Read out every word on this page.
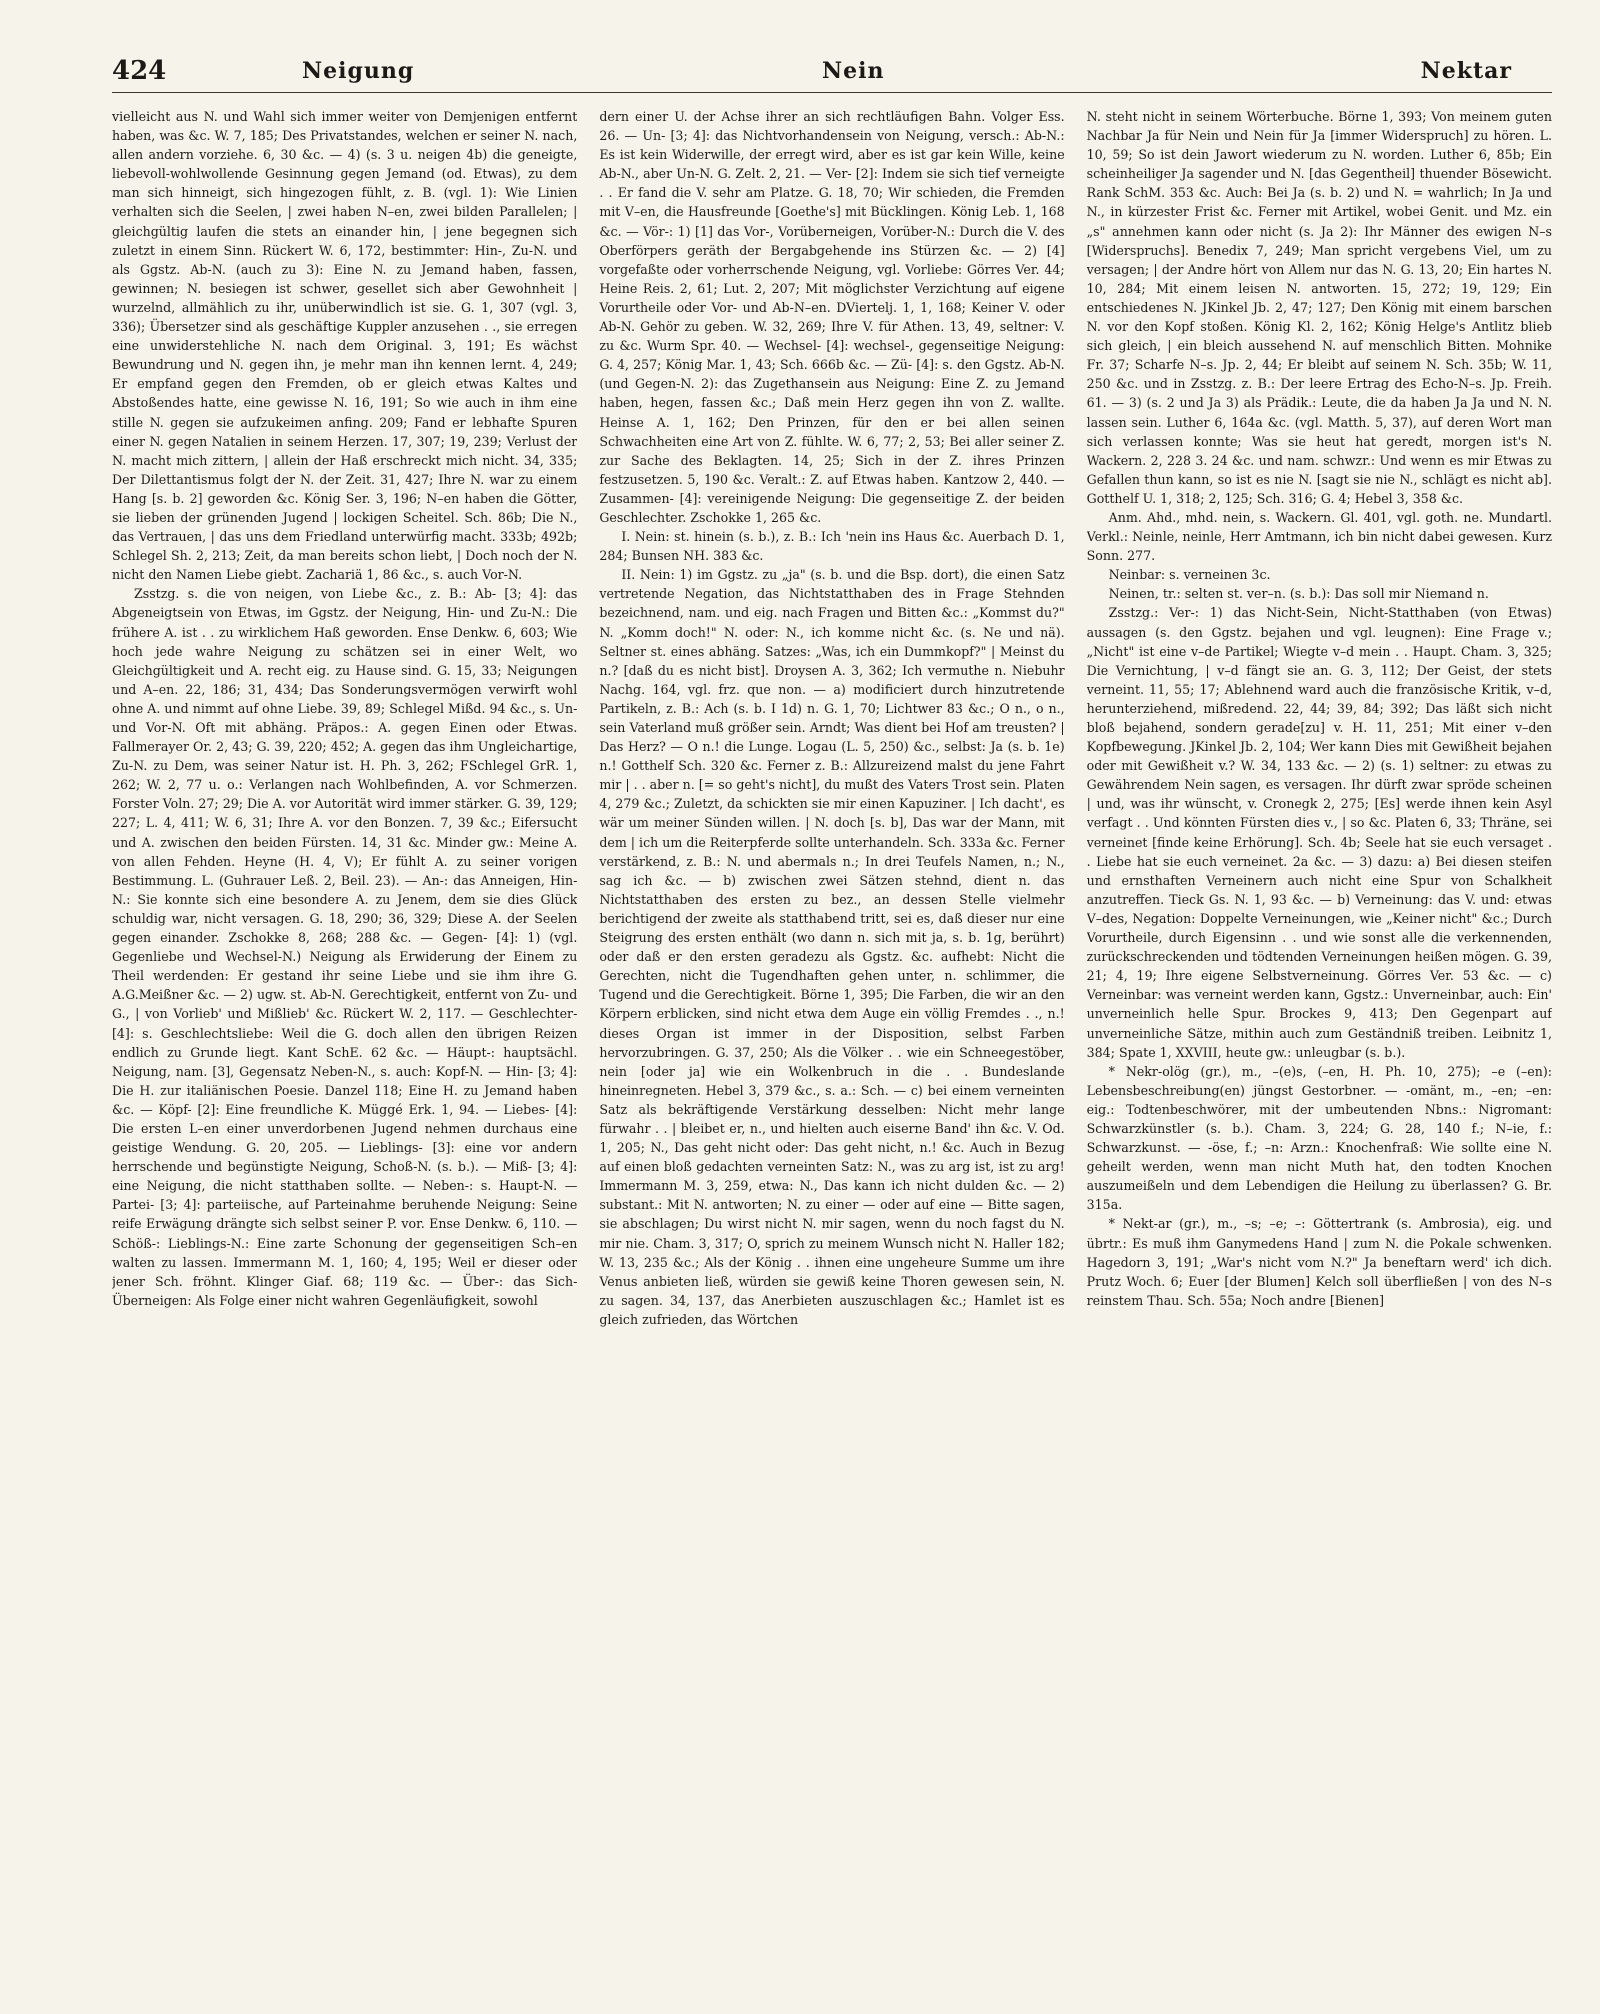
424	Neigung	Nein	Nektar
vielleicht aus N. und Wahl sich immer weiter von Demjenigen entfernt haben, was &c. W. 7, 185; Des Privatstandes, welchen er seiner N. nach, allen andern vorziehe. 6, 30 &c. — 4) (s. 3 u. neigen 4b) die geneigte, liebevoll-wohlwollende Gesinnung gegen Jemand (od. Etwas), zu dem man sich hinneigt, sich hingezogen fühlt, z. B. (vgl. 1): Wie Linien verhalten sich die Seelen, | zwei haben N–en, zwei bilden Parallelen; | gleichgültig laufen die stets an einander hin, | jene begegnen sich zuletzt in einem Sinn. Rückert W. 6, 172, bestimmter: Hin-, Zu-N. und als Ggstz. Ab-N. (auch zu 3): Eine N. zu Jemand haben, fassen, gewinnen; N. besiegen ist schwer, gesellet sich aber Gewohnheit | wurzelnd, allmählich zu ihr, unüberwindlich ist sie. G. 1, 307 (vgl. 3, 336); Übersetzer sind als geschäftige Kuppler anzusehen . ., sie erregen eine unwiderstehliche N. nach dem Original. 3, 191; Es wächst Bewundrung und N. gegen ihn, je mehr man ihn kennen lernt. 4, 249; Er empfand gegen den Fremden, ob er gleich etwas Kaltes und Abstoßendes hatte, eine gewisse N. 16, 191; So wie auch in ihm eine stille N. gegen sie aufzukeimen anfing. 209; Fand er lebhafte Spuren einer N. gegen Natalien in seinem Herzen. 17, 307; 19, 239; Verlust der N. macht mich zittern, | allein der Haß erschreckt mich nicht. 34, 335; Der Dilettantismus folgt der N. der Zeit. 31, 427; Ihre N. war zu einem Hang [s. b. 2] geworden &c. König Ser. 3, 196; N–en haben die Götter, sie lieben der grünenden Jugend | lockigen Scheitel. Sch. 86b; Die N., das Vertrauen, | das uns dem Friedland unterwürfig macht. 333b; 492b; Schlegel Sh. 2, 213; Zeit, da man bereits schon liebt, | Doch noch der N. nicht den Namen Liebe giebt. Zachariä 1, 86 &c., s. auch Vor-N.
Zsstzg. s. die von neigen, von Liebe &c., z. B.: Ab- [3; 4]: das Abgeneigtsein von Etwas, im Ggstz. der Neigung, Hin- und Zu-N.: Die frühere A. ist . . zu wirklichem Haß geworden. Ense Denkw. 6, 603; Wie hoch jede wahre Neigung zu schätzen sei in einer Welt, wo Gleichgültigkeit und A. recht eig. zu Hause sind. G. 15, 33; Neigungen und A–en. 22, 186; 31, 434; Das Sonderungsvermögen verwirft wohl ohne A. und nimmt auf ohne Liebe. 39, 89; Schlegel Mißd. 94 &c., s. Un- und Vor-N. Oft mit abhäng. Präpos.: A. gegen Einen oder Etwas. Fallmerayer Or. 2, 43; G. 39, 220; 452; A. gegen das ihm Ungleichartige, Zu-N. zu Dem, was seiner Natur ist. H. Ph. 3, 262; FSchlegel GrR. 1, 262; W. 2, 77 u. o.: Verlangen nach Wohlbefinden, A. vor Schmerzen. Forster Voln. 27; 29; Die A. vor Autorität wird immer stärker. G. 39, 129; 227; L. 4, 411; W. 6, 31; Ihre A. vor den Bonzen. 7, 39 &c.; Eifersucht und A. zwischen den beiden Fürsten. 14, 31 &c. Minder gw.: Meine A. von allen Fehden. Heyne (H. 4, V); Er fühlt A. zu seiner vorigen Bestimmung. L. (Guhrauer Leß. 2, Beil. 23). — An-: das Anneigen, Hin-N.: Sie konnte sich eine besondere A. zu Jenem, dem sie dies Glück schuldig war, nicht versagen. G. 18, 290; 36, 329; Diese A. der Seelen gegen einander. Zschokke 8, 268; 288 &c. — Gegen- [4]: 1) (vgl. Gegenliebe und Wechsel-N.) Neigung als Erwiderung der Einem zu Theil werdenden: Er gestand ihr seine Liebe und sie ihm ihre G. A.G.Meißner &c. — 2) ugw. st. Ab-N. Gerechtigkeit, entfernt von Zu- und G., | von Vorlieb' und Mißlieb' &c. Rückert W. 2, 117. — Geschlechter- [4]: s. Geschlechtsliebe: Weil die G. doch allen den übrigen Reizen endlich zu Grunde liegt. Kant SchE. 62 &c. — Häupt-: hauptsächl. Neigung, nam. [3], Gegensatz Neben-N., s. auch: Kopf-N. — Hin- [3; 4]: Die H. zur italiänischen Poesie. Danzel 118; Eine H. zu Jemand haben &c. — Köpf- [2]: Eine freundliche K. Müggé Erk. 1, 94. — Liebes- [4]: Die ersten L–en einer unverdorbenen Jugend nehmen durchaus eine geistige Wendung. G. 20, 205. — Lieblings- [3]: eine vor andern herrschende und begünstigte Neigung, Schoß-N. (s. b.). — Miß- [3; 4]: eine Neigung, die nicht statthaben sollte. — Neben-: s. Haupt-N. — Partei- [3; 4]: parteiische, auf Parteinahme beruhende Neigung: Seine reife Erwägung drängte sich selbst seiner P. vor. Ense Denkw. 6, 110. — Schöß-: Lieblings-N.: Eine zarte Schonung der gegenseitigen Sch–en walten zu lassen. Immermann M. 1, 160; 4, 195; Weil er dieser oder jener Sch. fröhnt. Klinger Giaf. 68; 119 &c. — Über-: das Sich-Überneigen: Als Folge einer nicht wahren Gegenläufigkeit, sowohl
dern einer U. der Achse ihrer an sich rechtläufigen Bahn. Volger Ess. 26. — Un- [3; 4]: das Nichtvorhandensein von Neigung, versch.: Ab-N.: Es ist kein Widerwille, der erregt wird, aber es ist gar kein Wille, keine Ab-N., aber Un-N. G. Zelt. 2, 21. — Ver- [2]: Indem sie sich tief verneigte . . Er fand die V. sehr am Platze. G. 18, 70; Wir schieden, die Fremden mit V–en, die Hausfreunde [Goethe's] mit Bücklingen. König Leb. 1, 168 &c. — Vör-: 1) [1] das Vor-, Vorüberneigen, Vorüber-N.: Durch die V. des Oberförpers geräth der Bergabgehende ins Stürzen &c. — 2) [4] vorgefaßte oder vorherrschende Neigung, vgl. Vorliebe: Görres Ver. 44; Heine Reis. 2, 61; Lut. 2, 207; Mit möglichster Verzichtung auf eigene Vorurtheile oder Vor- und Ab-N–en. DViertelj. 1, 1, 168; Keiner V. oder Ab-N. Gehör zu geben. W. 32, 269; Ihre V. für Athen. 13, 49, seltner: V. zu &c. Wurm Spr. 40. — Wechsel- [4]: wechsel-, gegenseitige Neigung: G. 4, 257; König Mar. 1, 43; Sch. 666b &c. — Zü- [4]: s. den Ggstz. Ab-N. (und Gegen-N. 2): das Zugethansein aus Neigung: Eine Z. zu Jemand haben, hegen, fassen &c.; Daß mein Herz gegen ihn von Z. wallte. Heinse A. 1, 162; Den Prinzen, für den er bei allen seinen Schwachheiten eine Art von Z. fühlte. W. 6, 77; 2, 53; Bei aller seiner Z. zur Sache des Beklagten. 14, 25; Sich in der Z. ihres Prinzen festzusetzen. 5, 190 &c. Veralt.: Z. auf Etwas haben. Kantzow 2, 440. — Zusammen- [4]: vereinigende Neigung: Die gegenseitige Z. der beiden Geschlechter. Zschokke 1, 265 &c.
I. Nein: st. hinein (s. b.), z. B.: Ich 'nein ins Haus &c. Auerbach D. 1, 284; Bunsen NH. 383 &c.
II. Nein: 1) im Ggstz. zu „ja" (s. b. und die Bsp. dort), die einen Satz vertretende Negation, das Nichtstatthaben des in Frage Stehnden bezeichnend, nam. und eig. nach Fragen und Bitten &c.: „Kommst du?" N. „Komm doch!" N. oder: N., ich komme nicht &c. (s. Ne und nä). Seltner st. eines abhäng. Satzes: „Was, ich ein Dummkopf?" | Meinst du n.? [daß du es nicht bist]. Droysen A. 3, 362; Ich vermuthe n. Niebuhr Nachg. 164, vgl. frz. que non. — a) modificiert durch hinzutretende Partikeln, z. B.: Ach (s. b. I 1d) n. G. 1, 70; Lichtwer 83 &c.; O n., o n., sein Vaterland muß größer sein. Arndt; Was dient bei Hof am treusten? | Das Herz? — O n.! die Lunge. Logau (L. 5, 250) &c., selbst: Ja (s. b. 1e) n.! Gotthelf Sch. 320 &c. Ferner z. B.: Allzureizend malst du jene Fahrt mir | . . aber n. [= so geht's nicht], du mußt des Vaters Trost sein. Platen 4, 279 &c.; Zuletzt, da schickten sie mir einen Kapuziner. | Ich dacht', es wär um meiner Sünden willen. | N. doch [s. b], Das war der Mann, mit dem | ich um die Reiterpferde sollte unterhandeln. Sch. 333a &c. Ferner verstärkend, z. B.: N. und abermals n.; In drei Teufels Namen, n.; N., sag ich &c. — b) zwischen zwei Sätzen stehnd, dient n. das Nichtstatthaben des ersten zu bez., an dessen Stelle vielmehr berichtigend der zweite als statthabend tritt, sei es, daß dieser nur eine Steigrung des ersten enthält (wo dann n. sich mit ja, s. b. 1g, berührt) oder daß er den ersten geradezu als Ggstz. &c. aufhebt: Nicht die Gerechten, nicht die Tugendhaften gehen unter, n. schlimmer, die Tugend und die Gerechtigkeit. Börne 1, 395; Die Farben, die wir an den Körpern erblicken, sind nicht etwa dem Auge ein völlig Fremdes . ., n.! dieses Organ ist immer in der Disposition, selbst Farben hervorzubringen. G. 37, 250; Als die Völker . . wie ein Schneegestöber, nein [oder ja] wie ein Wolkenbruch in die . . Bundeslande hineinregneten. Hebel 3, 379 &c., s. a.: Sch. — c) bei einem verneinten Satz als bekräftigende Verstärkung desselben: Nicht mehr lange fürwahr . . | bleibet er, n., und hielten auch eiserne Band' ihn &c. V. Od. 1, 205; N., Das geht nicht oder: Das geht nicht, n.! &c. Auch in Bezug auf einen bloß gedachten verneinten Satz: N., was zu arg ist, ist zu arg! Immermann M. 3, 259, etwa: N., Das kann ich nicht dulden &c. — 2) substant.: Mit N. antworten; N. zu einer — oder auf eine — Bitte sagen, sie abschlagen; Du wirst nicht N. mir sagen, wenn du noch fagst du N. mir nie. Cham. 3, 317; O, sprich zu meinem Wunsch nicht N. Haller 182; W. 13, 235 &c.; Als der König . . ihnen eine ungeheure Summe um ihre Venus anbieten ließ, würden sie gewiß keine Thoren gewesen sein, N. zu sagen. 34, 137, das Anerbieten auszuschlagen &c.; Hamlet ist es gleich zufrieden, das Wörtchen
N. steht nicht in seinem Wörterbuche. Börne 1, 393; Von meinem guten Nachbar Ja für Nein und Nein für Ja [immer Widerspruch] zu hören. L. 10, 59; So ist dein Jawort wiederum zu N. worden. Luther 6, 85b; Ein scheinheiliger Ja sagender und N. [das Gegentheil] thuender Bösewicht. Rank SchM. 353 &c. Auch: Bei Ja (s. b. 2) und N. = wahrlich; In Ja und N., in kürzester Frist &c. Ferner mit Artikel, wobei Genit. und Mz. ein „s" annehmen kann oder nicht (s. Ja 2): Ihr Männer des ewigen N–s [Widerspruchs]. Benedix 7, 249; Man spricht vergebens Viel, um zu versagen; | der Andre hört von Allem nur das N. G. 13, 20; Ein hartes N. 10, 284; Mit einem leisen N. antworten. 15, 272; 19, 129; Ein entschiedenes N. JKinkel Jb. 2, 47; 127; Den König mit einem barschen N. vor den Kopf stoßen. König Kl. 2, 162; König Helge's Antlitz blieb sich gleich, | ein bleich aussehend N. auf menschlich Bitten. Mohnike Fr. 37; Scharfe N–s. Jp. 2, 44; Er bleibt auf seinem N. Sch. 35b; W. 11, 250 &c. und in Zsstzg. z. B.: Der leere Ertrag des Echo-N–s. Jp. Freih. 61. — 3) (s. 2 und Ja 3) als Prädik.: Leute, die da haben Ja Ja und N. N. lassen sein. Luther 6, 164a &c. (vgl. Matth. 5, 37), auf deren Wort man sich verlassen konnte; Was sie heut hat geredt, morgen ist's N. Wackern. 2, 228 3. 24 &c. und nam. schwzr.: Und wenn es mir Etwas zu Gefallen thun kann, so ist es nie N. [sagt sie nie N., schlägt es nicht ab]. Gotthelf U. 1, 318; 2, 125; Sch. 316; G. 4; Hebel 3, 358 &c.
Anm. Ahd., mhd. nein, s. Wackern. Gl. 401, vgl. goth. ne. Mundartl. Verkl.: Neinle, neinle, Herr Amtmann, ich bin nicht dabei gewesen. Kurz Sonn. 277.
Neinbar: s. verneinen 3c.
Neinen, tr.: selten st. ver–n. (s. b.): Das soll mir Niemand n.
Zsstzg.: Ver-: 1) das Nicht-Sein, Nicht-Statthaben (von Etwas) aussagen (s. den Ggstz. bejahen und vgl. leugnen): Eine Frage v.; „Nicht" ist eine v–de Partikel; Wiegte v–d mein . . Haupt. Cham. 3, 325; Die Vernichtung, | v–d fängt sie an. G. 3, 112; Der Geist, der stets verneint. 11, 55; 17; Ablehnend ward auch die französische Kritik, v–d, herunterziehend, mißredend. 22, 44; 39, 84; 392; Das läßt sich nicht bloß bejahend, sondern gerade[zu] v. H. 11, 251; Mit einer v–den Kopfbewegung. JKinkel Jb. 2, 104; Wer kann Dies mit Gewißheit bejahen oder mit Gewißheit v.? W. 34, 133 &c. — 2) (s. 1) seltner: zu etwas zu Gewährendem Nein sagen, es versagen. Ihr dürft zwar spröde scheinen | und, was ihr wünscht, v. Cronegk 2, 275; [Es] werde ihnen kein Asyl verfagt . . Und könnten Fürsten dies v., | so &c. Platen 6, 33; Thräne, sei verneinet [finde keine Erhörung]. Sch. 4b; Seele hat sie euch versaget . . Liebe hat sie euch verneinet. 2a &c. — 3) dazu: a) Bei diesen steifen und ernsthaften Verneinern auch nicht eine Spur von Schalkheit anzutreffen. Tieck Gs. N. 1, 93 &c. — b) Verneinung: das V. und: etwas V–des, Negation: Doppelte Verneinungen, wie „Keiner nicht" &c.; Durch Vorurtheile, durch Eigensinn . . und wie sonst alle die verkennenden, zurückschreckenden und tödtenden Verneinungen heißen mögen. G. 39, 21; 4, 19; Ihre eigene Selbstverneinung. Görres Ver. 53 &c. — c) Verneinbar: was verneint werden kann, Ggstz.: Unverneinbar, auch: Ein' unverneinlich helle Spur. Brockes 9, 413; Den Gegenpart auf unverneinliche Sätze, mithin auch zum Geständniß treiben. Leibnitz 1, 384; Spate 1, XXVIII, heute gw.: unleugbar (s. b.).
* Nekr-olög (gr.), m., –(e)s, (–en, H. Ph. 10, 275); –e (–en): Lebensbeschreibung(en) jüngst Gestorbner. — -omänt, m., –en; –en: eig.: Todtenbeschwörer, mit der umbeutenden Nbns.: Nigromant: Schwarzkünstler (s. b.). Cham. 3, 224; G. 28, 140 f.; N–ie, f.: Schwarzkunst. — -öse, f.; –n: Arzn.: Knochenfraß: Wie sollte eine N. geheilt werden, wenn man nicht Muth hat, den todten Knochen auszumeißeln und dem Lebendigen die Heilung zu überlassen? G. Br. 315a.
* Nekt-ar (gr.), m., –s; –e; –: Göttertrank (s. Ambrosia), eig. und übrtr.: Es muß ihm Ganymedens Hand | zum N. die Pokale schwenken. Hagedorn 3, 191; „War's nicht vom N.?" Ja beneftarn werd' ich dich. Prutz Woch. 6; Euer [der Blumen] Kelch soll überfließen | von des N–s reinstem Thau. Sch. 55a; Noch andre [Bienen]
